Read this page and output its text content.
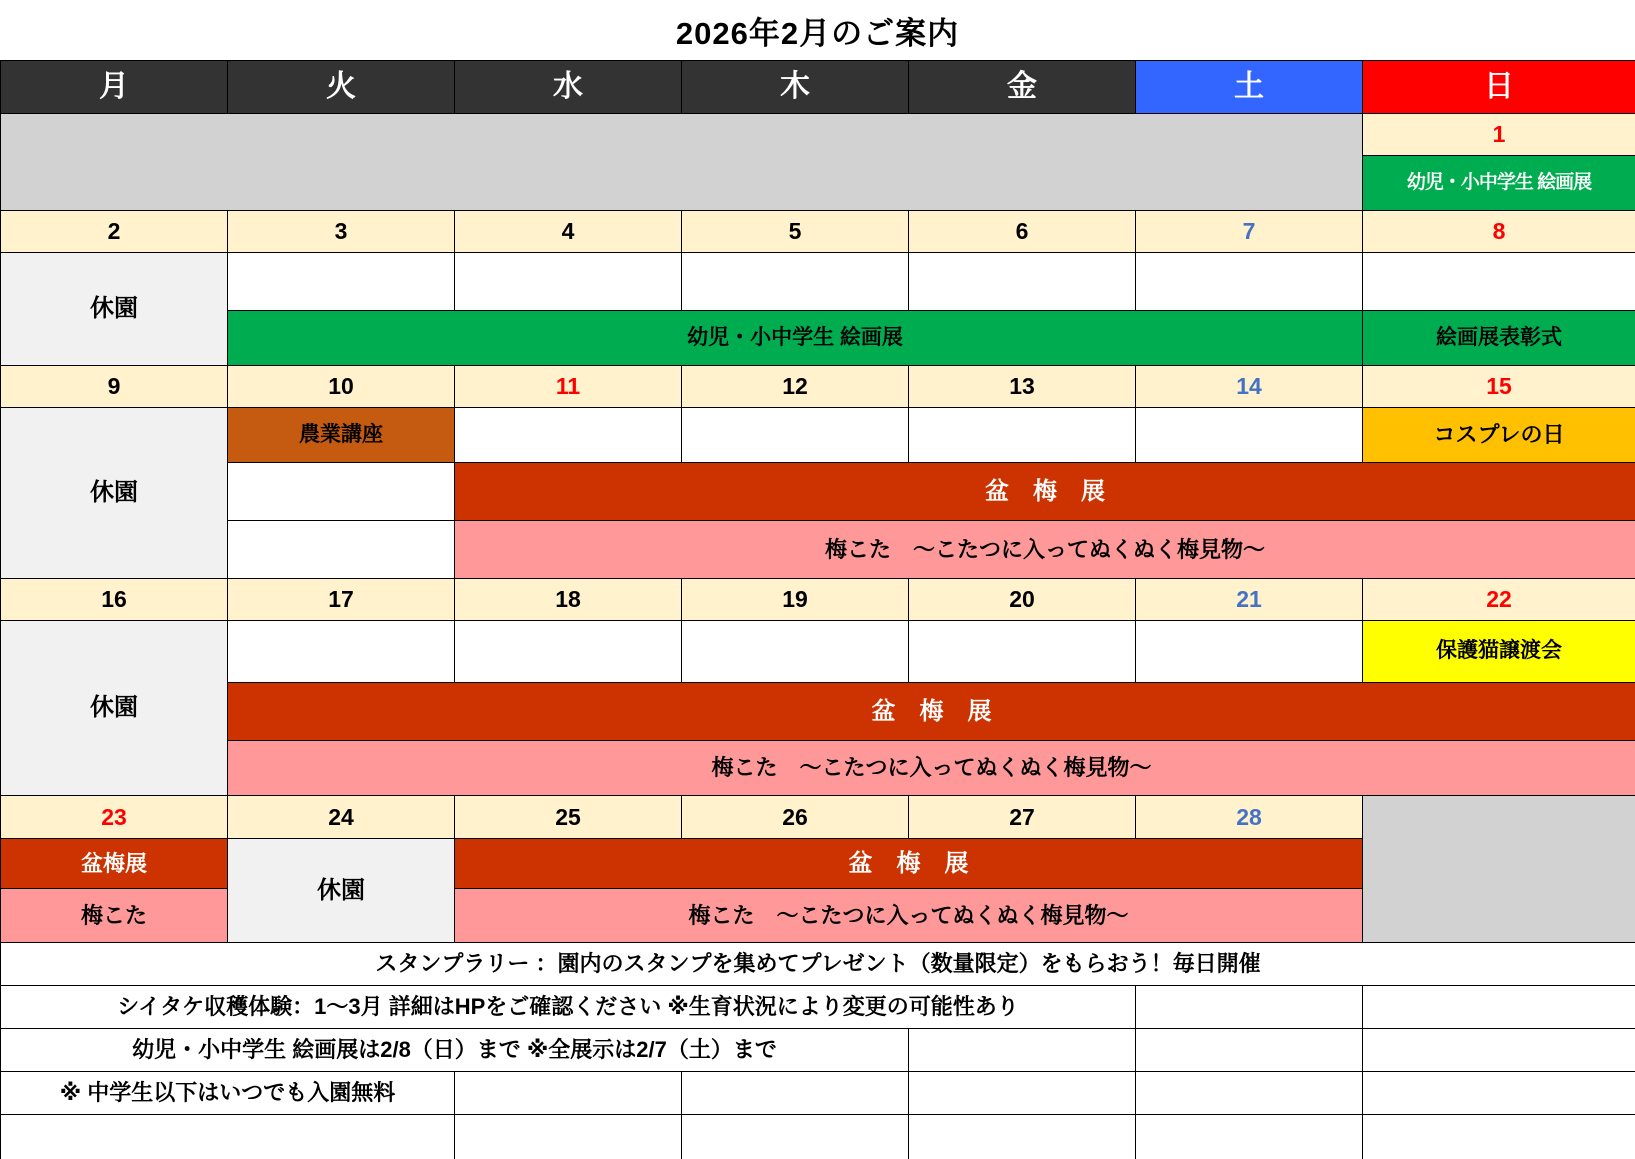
2026年2月のご案内
月	火	水	木	金	土	日
						1
						幼児・小中学生 絵画展
2	3	4	5	6	7	8
休園						
	幼児・小中学生 絵画展					絵画展表彰式
9	10	11	12	13	14	15
休園	農業講座					コスプレの日
		盆　梅　展				
		梅こた　～こたつに入ってぬくぬく梅見物～				
16	17	18	19	20	21	22
休園						保護猫譲渡会
	盆　梅　展					
	梅こた　～こたつに入ってぬくぬく梅見物～					
23	24	25	26	27	28	
盆梅展	休園	盆　梅　展				
梅こた		梅こた　～こたつに入ってぬくぬく梅見物～				
スタンプラリー ：園内のスタンプを集めてプレゼント（数量限定）をもらおう！毎日開催						
シイタケ収穫体験：1～3月 詳細はHPをご確認ください ※生育状況により変更の可能性あり						
幼児・小中学生 絵画展は2/8（日）まで ※全展示は2/7（土）まで						
※ 中学生以下はいつでも入園無料						
